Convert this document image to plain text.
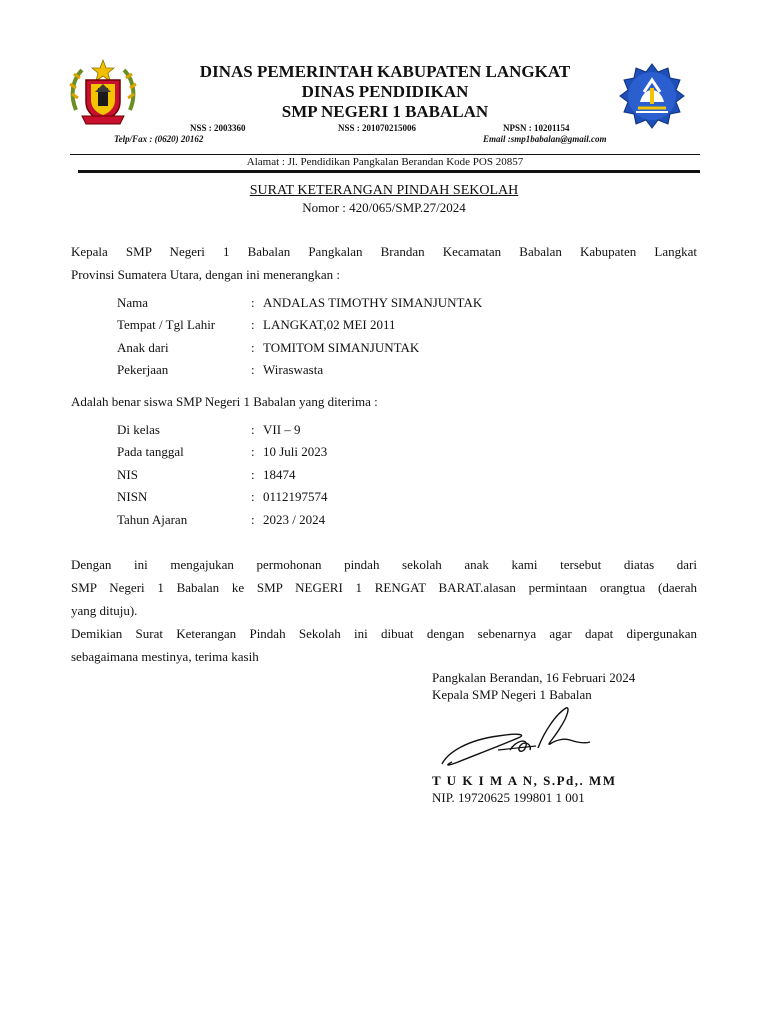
DINAS PEMERINTAH KABUPATEN LANGKAT
DINAS PENDIDIKAN
SMP NEGERI 1 BABALAN
NSS : 2003360	NSS : 201070215006	NPSN : 10201154
Telp/Fax : (0620) 20162	Email :smp1babalan@gmail.com
Alamat : Jl. Pendidikan Pangkalan Berandan Kode POS 20857
SURAT KETERANGAN PINDAH SEKOLAH
Nomor : 420/065/SMP.27/2024
Kepala SMP Negeri 1 Babalan Pangkalan Brandan Kecamatan Babalan Kabupaten Langkat
Provinsi Sumatera Utara, dengan ini menerangkan :
Nama	: ANDALAS TIMOTHY SIMANJUNTAK
Tempat / Tgl Lahir	: LANGKAT,02 MEI 2011
Anak dari	: TOMITOM SIMANJUNTAK
Pekerjaan	: Wiraswasta
Adalah benar siswa SMP Negeri 1 Babalan yang diterima :
Di kelas	: VII – 9
Pada tanggal	: 10 Juli 2023
NIS	: 18474
NISN	: 0112197574
Tahun Ajaran	: 2023 / 2024
Dengan ini mengajukan permohonan pindah sekolah anak kami tersebut diatas dari
SMP Negeri 1 Babalan ke SMP NEGERI 1 RENGAT BARAT.alasan permintaan orangtua (daerah
yang dituju).
Demikian Surat Keterangan Pindah Sekolah ini dibuat dengan sebenarnya agar dapat dipergunakan
sebagaimana mestinya, terima kasih
Pangkalan Berandan, 16 Februari 2024
Kepala SMP Negeri 1 Babalan
T U K I M A N, S.Pd,. MM
NIP. 19720625 199801 1 001
